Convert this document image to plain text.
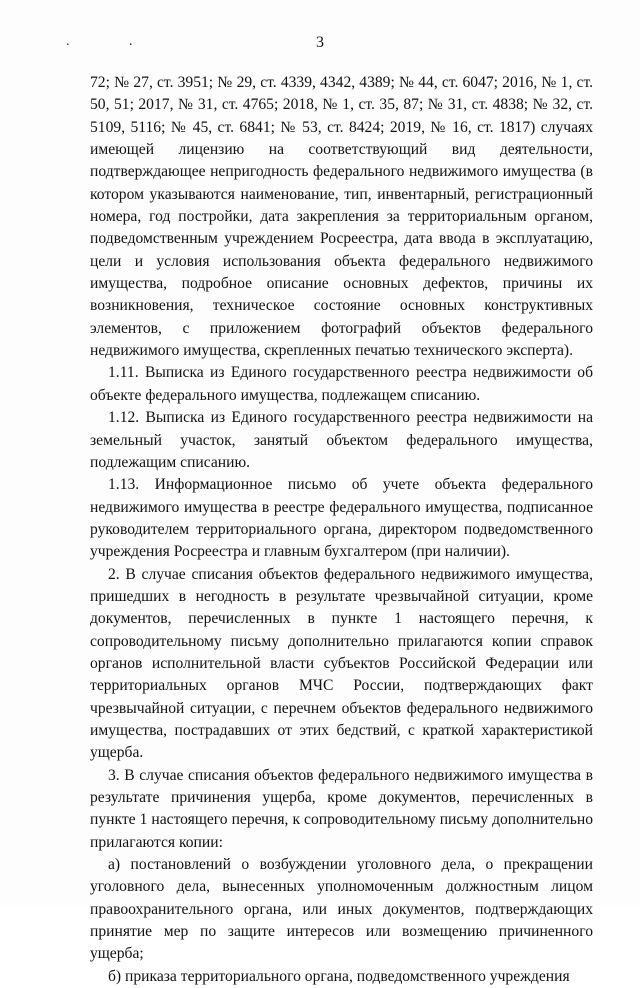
. .	3

72; № 27, ст. 3951; № 29, ст. 4339, 4342, 4389; № 44, ст. 6047; 2016, № 1, ст. 50, 51; 2017, № 31, ст. 4765; 2018, № 1, ст. 35, 87; № 31, ст. 4838; № 32, ст. 5109, 5116; № 45, ст. 6841; № 53, ст. 8424; 2019, № 16, ст. 1817) случаях имеющей лицензию на соответствующий вид деятельности, подтверждающее непригодность федерального недвижимого имущества (в котором указываются наименование, тип, инвентарный, регистрационный номера, год постройки, дата закрепления за территориальным органом, подведомственным учреждением Росреестра, дата ввода в эксплуатацию, цели и условия использования объекта федерального недвижимого имущества, подробное описание основных дефектов, причины их возникновения, техническое состояние основных конструктивных элементов, с приложением фотографий объектов федерального недвижимого имущества, скрепленных печатью технического эксперта).

1.11. Выписка из Единого государственного реестра недвижимости об объекте федерального имущества, подлежащем списанию.

1.12. Выписка из Единого государственного реестра недвижимости на земельный участок, занятый объектом федерального имущества, подлежащим списанию.

1.13. Информационное письмо об учете объекта федерального недвижимого имущества в реестре федерального имущества, подписанное руководителем территориального органа, директором подведомственного учреждения Росреестра и главным бухгалтером (при наличии).

2. В случае списания объектов федерального недвижимого имущества, пришедших в негодность в результате чрезвычайной ситуации, кроме документов, перечисленных в пункте 1 настоящего перечня, к сопроводительному письму дополнительно прилагаются копии справок органов исполнительной власти субъектов Российской Федерации или территориальных органов МЧС России, подтверждающих факт чрезвычайной ситуации, с перечнем объектов федерального недвижимого имущества, пострадавших от этих бедствий, с краткой характеристикой ущерба.

3. В случае списания объектов федерального недвижимого имущества в результате причинения ущерба, кроме документов, перечисленных в пункте 1 настоящего перечня, к сопроводительному письму дополнительно прилагаются копии:

а) постановлений о возбуждении уголовного дела, о прекращении уголовного дела, вынесенных уполномоченным должностным лицом правоохранительного органа, или иных документов, подтверждающих принятие мер по защите интересов или возмещению причиненного ущерба;

б) приказа территориального органа, подведомственного учреждения
